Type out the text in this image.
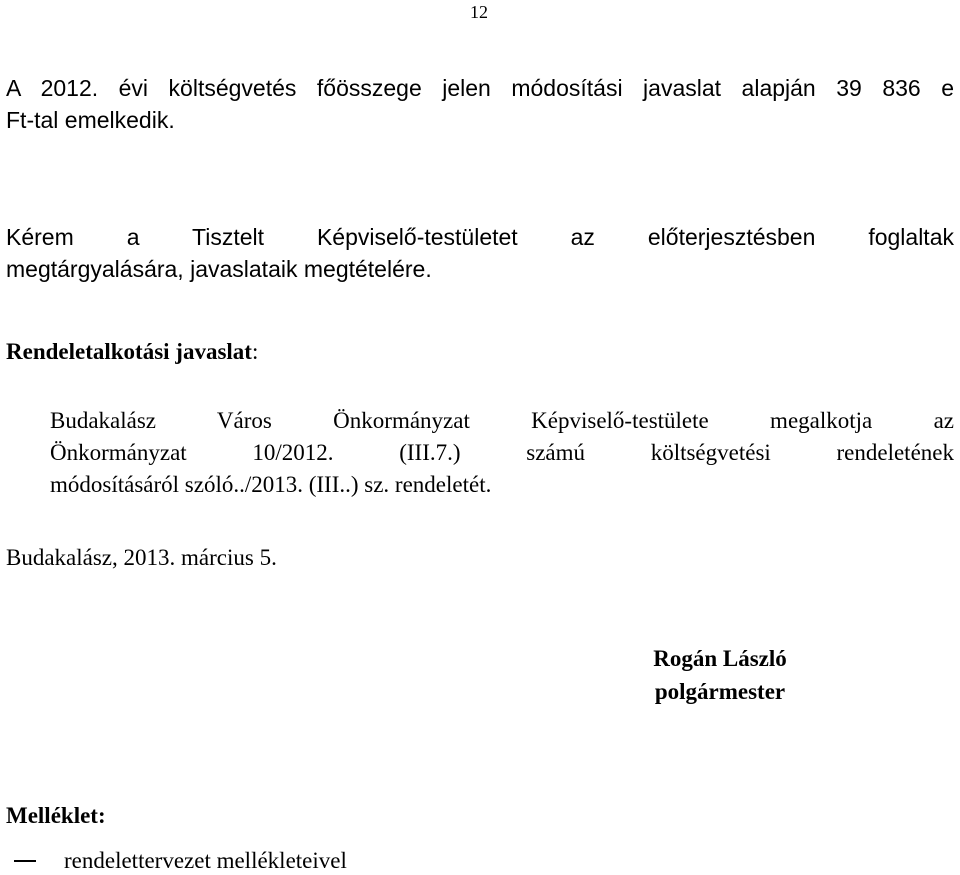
12
A 2012. évi költségvetés főösszege jelen módosítási javaslat alapján 39 836 e
Ft-tal emelkedik.
Kérem a Tisztelt Képviselő-testületet az előterjesztésben foglaltak
megtárgyalására, javaslataik megtételére.
Rendeletalkotási javaslat:
Budakalász Város Önkormányzat Képviselő-testülete megalkotja az
Önkormányzat 10/2012. (III.7.) számú költségvetési rendeletének
módosításáról szóló../2013. (III..) sz. rendeletét.
Budakalász, 2013. március 5.
Rogán László
polgármester
Melléklet:
rendelettervezet mellékleteivel
